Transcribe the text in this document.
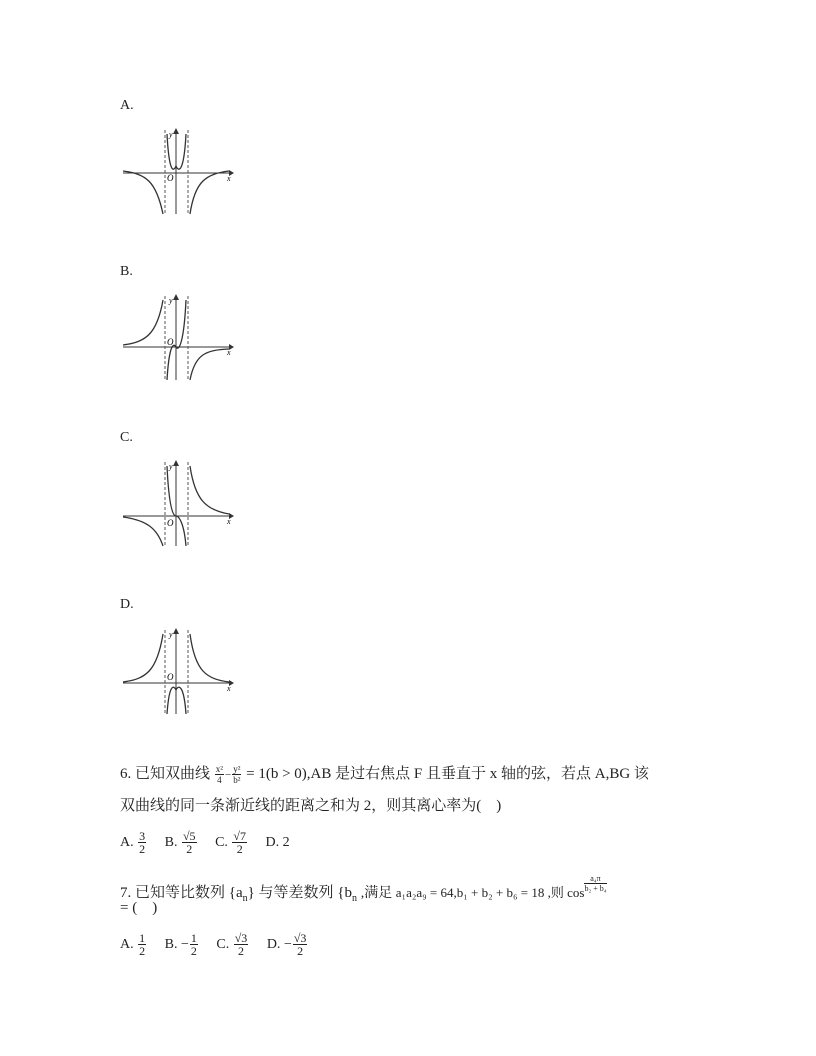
A.
y
x
O
B.
y
x
O
C.
y
x
O
D.
y
x
O
6. 已知双曲线 $\frac{\text{x²}}{4} - \frac{\text{y²}}{\text{b²}} = 1(b > 0),AB$ 是过右焦点 F 且垂直于 x 轴的弦，若点 A,BG 该
双曲线的同一条渐近线的距离之和为 2，则其离心率为(　)
A. $\frac{3}{2} B$. $\frac{√5}{2} C$. $\frac{√7}{2} D$. 2
7. 已知等比数列 $\{a_n\}$ 与等差数列 {$b_n$ ,满足 a₁a₂a₉ = 64,b₁ + b₂ + b₆ = 18 ,则 $\cos \frac{\text{a₄π}}{\text{b₂ + b₄}}$
= (　)
A. $\frac{1}{2} B$. − $\frac{1}{2} C$. $\frac{√3}{2} D$. − $\frac{√3}{2}$
